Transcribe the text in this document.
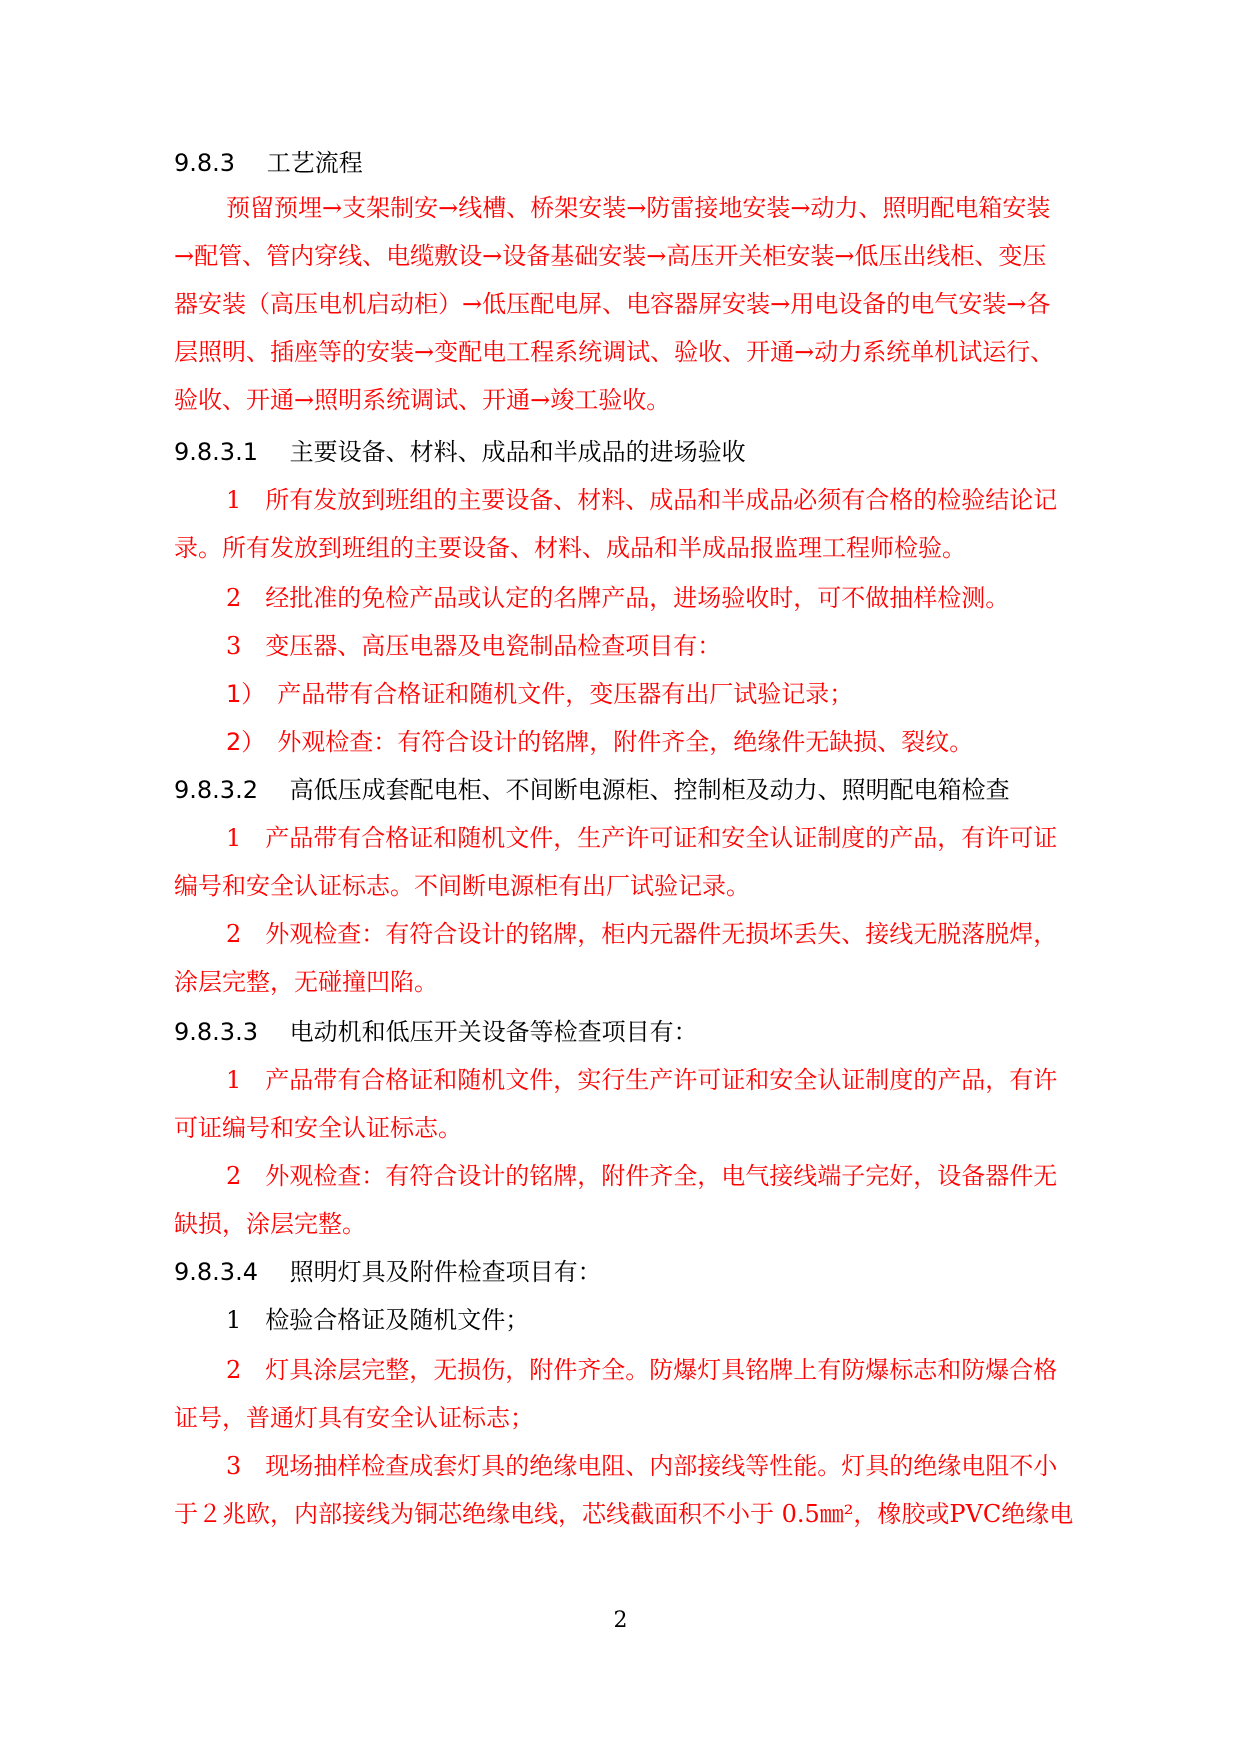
9.8.3　 工艺流程
预留预埋→支架制安→线槽、桥架安装→防雷接地安装→动力、照明配电箱安装
→配管、管内穿线、电缆敷设→设备基础安装→高压开关柜安装→低压出线柜、变压
器安装（高压电机启动柜）→低压配电屏、电容器屏安装→用电设备的电气安装→各
层照明、插座等的安装→变配电工程系统调试、验收、开通→动力系统单机试运行、
验收、开通→照明系统调试、开通→竣工验收。
9.8.3.1　 主要设备、材料、成品和半成品的进场验收
1　所有发放到班组的主要设备、材料、成品和半成品必须有合格的检验结论记
录。所有发放到班组的主要设备、材料、成品和半成品报监理工程师检验。
2　经批准的免检产品或认定的名牌产品，进场验收时，可不做抽样检测。
3　变压器、高压电器及电瓷制品检查项目有：
1）　产品带有合格证和随机文件，变压器有出厂试验记录；
2）　外观检查：有符合设计的铭牌，附件齐全，绝缘件无缺损、裂纹。
9.8.3.2　 高低压成套配电柜、不间断电源柜、控制柜及动力、照明配电箱检查
1　产品带有合格证和随机文件，生产许可证和安全认证制度的产品，有许可证
编号和安全认证标志。不间断电源柜有出厂试验记录。
2　外观检查：有符合设计的铭牌，柜内元器件无损坏丢失、接线无脱落脱焊，
涂层完整，无碰撞凹陷。
9.8.3.3　 电动机和低压开关设备等检查项目有：
1　产品带有合格证和随机文件，实行生产许可证和安全认证制度的产品，有许
可证编号和安全认证标志。
2　外观检查：有符合设计的铭牌，附件齐全，电气接线端子完好，设备器件无
缺损，涂层完整。
9.8.3.4　 照明灯具及附件检查项目有：
1　检验合格证及随机文件；
2　灯具涂层完整，无损伤，附件齐全。防爆灯具铭牌上有防爆标志和防爆合格
证号，普通灯具有安全认证标志；
3　现场抽样检查成套灯具的绝缘电阻、内部接线等性能。灯具的绝缘电阻不小
于２兆欧，内部接线为铜芯绝缘电线，芯线截面积不小于 0.5㎜²，橡胶或PVC绝缘电
2
